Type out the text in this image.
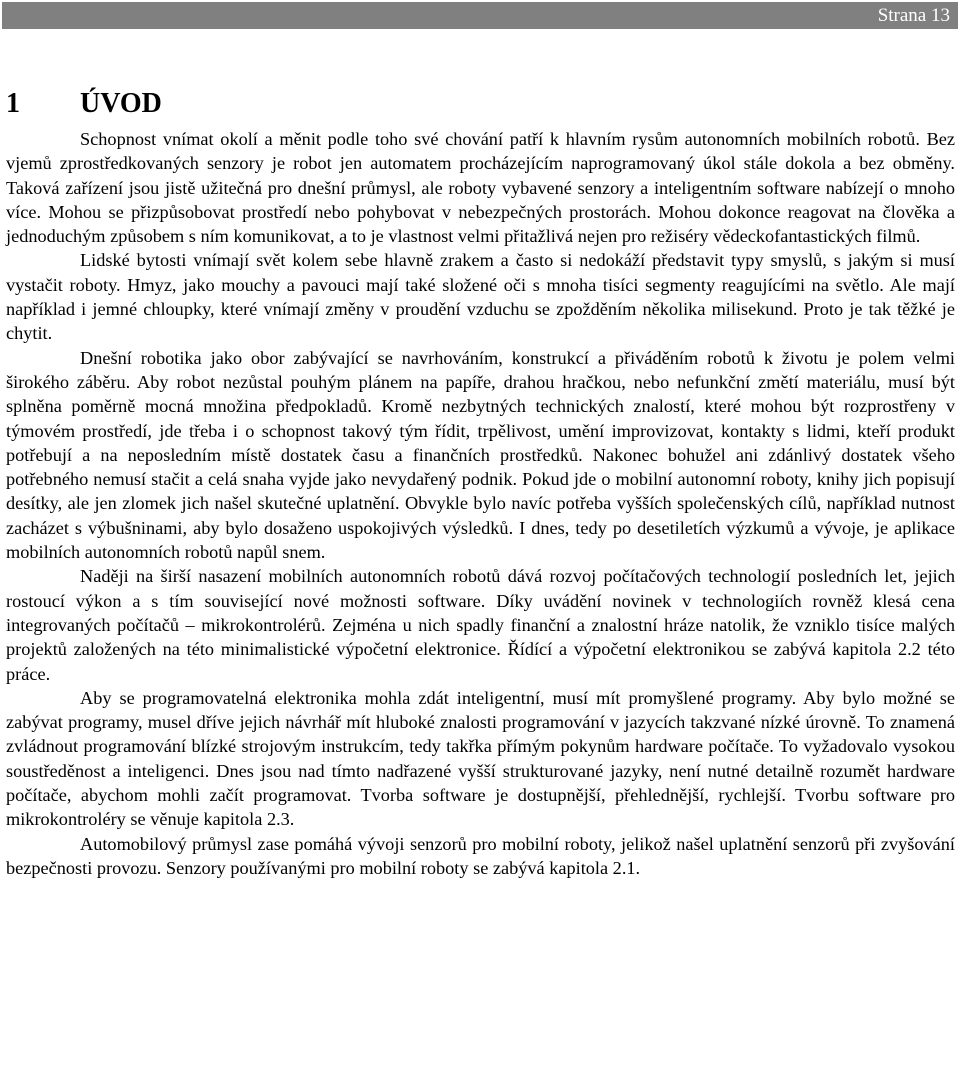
Strana 13
1 ÚVOD

Schopnost vnímat okolí a měnit podle toho své chování patří k hlavním rysům autonomních mobilních robotů. Bez vjemů zprostředkovaných senzory je robot jen automatem procházejícím naprogramovaný úkol stále dokola a bez obměny. Taková zařízení jsou jistě užitečná pro dnešní průmysl, ale roboty vybavené senzory a inteligentním software nabízejí o mnoho více. Mohou se přizpůsobovat prostředí nebo pohybovat v nebezpečných prostorách. Mohou dokonce reagovat na člověka a jednoduchým způsobem s ním komunikovat, a to je vlastnost velmi přitažlivá nejen pro režiséry vědeckofantastických filmů.

Lidské bytosti vnímají svět kolem sebe hlavně zrakem a často si nedokáží představit typy smyslů, s jakým si musí vystačit roboty. Hmyz, jako mouchy a pavouci mají také složené oči s mnoha tisíci segmenty reagujícími na světlo. Ale mají například i jemné chloupky, které vnímají změny v proudění vzduchu se zpožděním několika milisekund. Proto je tak těžké je chytit.

Dnešní robotika jako obor zabývající se navrhováním, konstrukcí a přiváděním robotů k životu je polem velmi širokého záběru. Aby robot nezůstal pouhým plánem na papíře, drahou hračkou, nebo nefunkční změtí materiálu, musí být splněna poměrně mocná množina předpokladů. Kromě nezbytných technických znalostí, které mohou být rozprostřeny v týmovém prostředí, jde třeba i o schopnost takový tým řídit, trpělivost, umění improvizovat, kontakty s lidmi, kteří produkt potřebují a na neposledním místě dostatek času a finančních prostředků. Nakonec bohužel ani zdánlivý dostatek všeho potřebného nemusí stačit a celá snaha vyjde jako nevydařený podnik. Pokud jde o mobilní autonomní roboty, knihy jich popisují desítky, ale jen zlomek jich našel skutečné uplatnění. Obvykle bylo navíc potřeba vyšších společenských cílů, například nutnost zacházet s výbušninami, aby bylo dosaženo uspokojivých výsledků. I dnes, tedy po desetiletích výzkumů a vývoje, je aplikace mobilních autonomních robotů napůl snem.

Naději na širší nasazení mobilních autonomních robotů dává rozvoj počítačových technologií posledních let, jejich rostoucí výkon a s tím související nové možnosti software. Díky uvádění novinek v technologiích rovněž klesá cena integrovaných počítačů – mikrokontrolérů. Zejména u nich spadly finanční a znalostní hráze natolik, že vzniklo tisíce malých projektů založených na této minimalistické výpočetní elektronice. Řídící a výpočetní elektronikou se zabývá kapitola 2.2 této práce.

Aby se programovatelná elektronika mohla zdát inteligentní, musí mít promyšlené programy. Aby bylo možné se zabývat programy, musel dříve jejich návrhář mít hluboké znalosti programování v jazycích takzvané nízké úrovně. To znamená zvládnout programování blízké strojovým instrukcím, tedy takřka přímým pokynům hardware počítače. To vyžadovalo vysokou soustředěnost a inteligenci. Dnes jsou nad tímto nadřazené vyšší strukturované jazyky, není nutné detailně rozumět hardware počítače, abychom mohli začít programovat. Tvorba software je dostupnější, přehlednější, rychlejší. Tvorbu software pro mikrokontroléry se věnuje kapitola 2.3.

Automobilový průmysl zase pomáhá vývoji senzorů pro mobilní roboty, jelikož našel uplatnění senzorů při zvyšování bezpečnosti provozu. Senzory používanými pro mobilní roboty se zabývá kapitola 2.1.
